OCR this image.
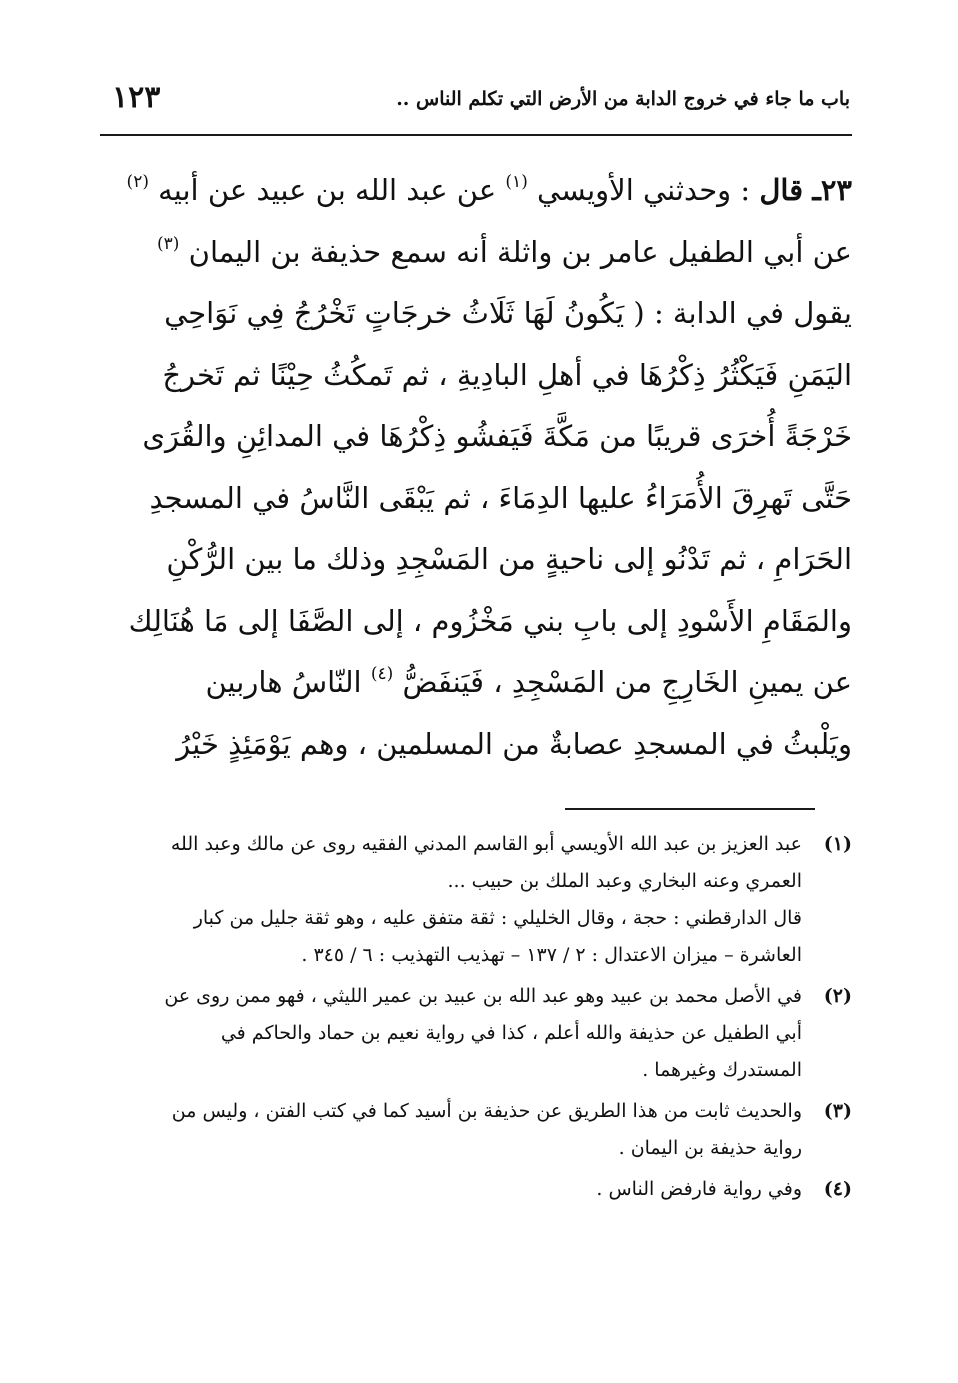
باب ما جاء في خروج الدابة من الأرض التي تكلم الناس ..
١٢٣
٢٣ـ قال : وحدثني الأويسي $^{(١)}$ عن عبد الله بن عبيد عن أبيه $^{(٢)}$
عن أبي الطفيل عامر بن واثلة أنه سمع حذيفة بن اليمان $^{(٣)}$
يقول في الدابة : ( يَكُونُ لَهَا ثَلَاثُ خرجَاتٍ تَخْرُجُ فِي نَوَاحِي
اليَمَنِ فَيَكْثُرُ ذِكْرُهَا في أهلِ البادِيةِ ، ثم تَمكُثُ حِيْنًا ثم تَخرجُ
خَرْجَةً أُخرَى قريبًا من مَكَّةَ فَيَفشُو ذِكْرُهَا في المدائِنِ والقُرَى
حَتَّى تَهرِقَ الأُمَرَاءُ عليها الدِمَاءَ ، ثم يَبْقَى النَّاسُ في المسجدِ
الحَرَامِ ، ثم تَدْنُو إلى ناحيةٍ من المَسْجِدِ وذلك ما بين الرُّكْنِ
والمَقَامِ الأَسْودِ إلى بابِ بني مَخْزُوم ، إلى الصَّفَا إلى مَا هُنَالِك
عن يمينِ الخَارِجِ من المَسْجِدِ ، فَيَنفَضُّ $^{(٤)}$ النّاسُ هاربين
ويَلْبثُ في المسجدِ عصابةٌ من المسلمين ، وهم يَوْمَئِذٍ خَيْرُ
(١)
عبد العزيز بن عبد الله الأويسي أبو القاسم المدني الفقيه روى عن مالك وعبد الله
العمري وعنه البخاري وعبد الملك بن حبيب ...
قال الدارقطني : حجة ، وقال الخليلي : ثقة متفق عليه ، وهو ثقة جليل من كبار
العاشرة – ميزان الاعتدال : ٢ / ١٣٧ – تهذيب التهذيب : ٦ / ٣٤٥ .
(٢)
في الأصل محمد بن عبيد وهو عبد الله بن عبيد بن عمير الليثي ، فهو ممن روى عن
أبي الطفيل عن حذيفة والله أعلم ، كذا في رواية نعيم بن حماد والحاكم في
المستدرك وغيرهما .
(٣)
والحديث ثابت من هذا الطريق عن حذيفة بن أسيد كما في كتب الفتن ، وليس من
رواية حذيفة بن اليمان .
(٤)
وفي رواية فارفض الناس .
